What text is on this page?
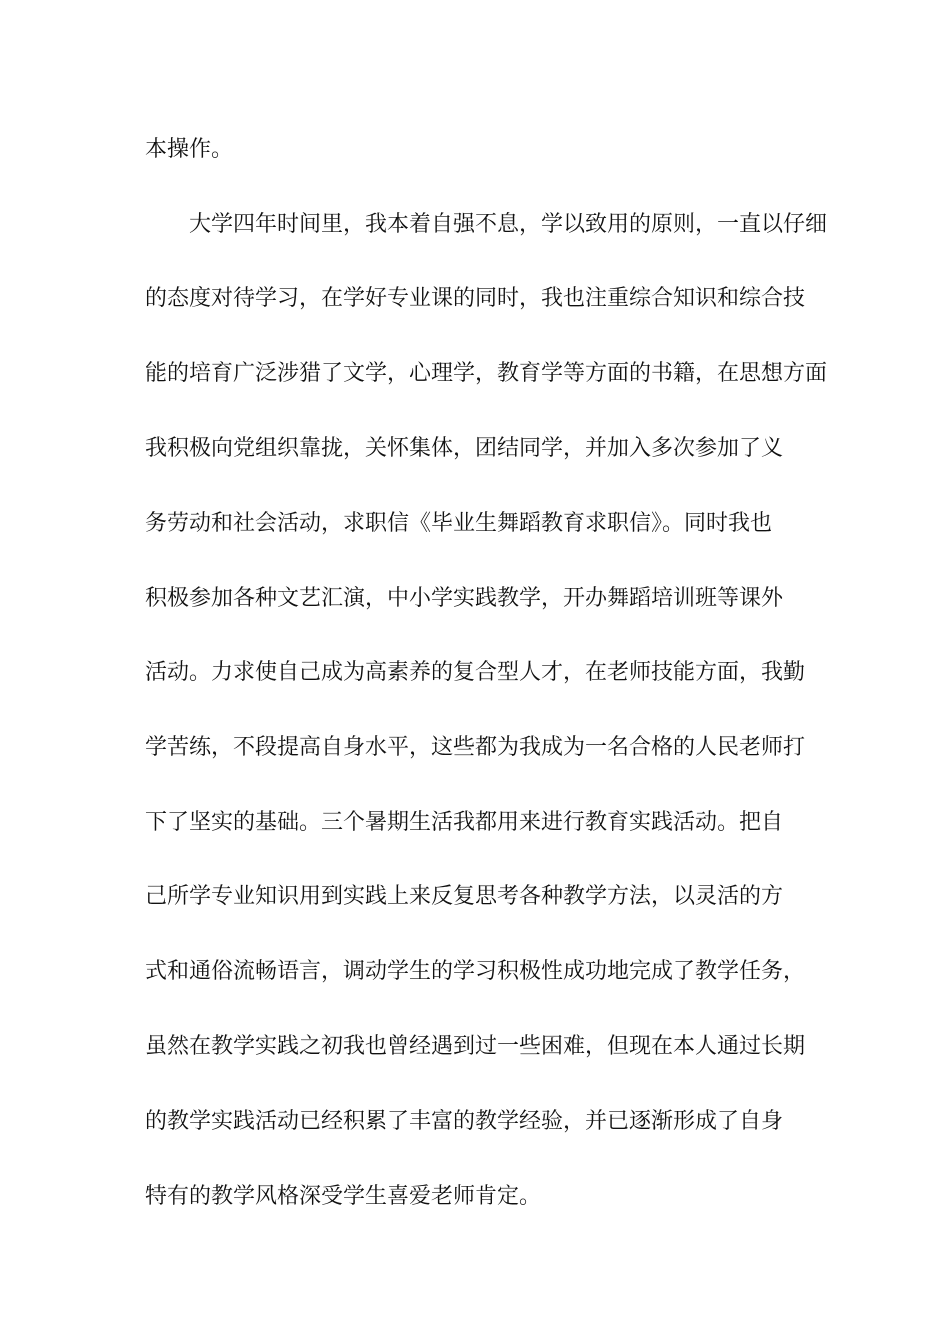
本操作。
大学四年时间里，我本着自强不息，学以致用的原则，一直以仔细
的态度对待学习，在学好专业课的同时，我也注重综合知识和综合技
能的培育广泛涉猎了文学，心理学，教育学等方面的书籍，在思想方面
我积极向党组织靠拢，关怀集体，团结同学，并加入多次参加了义
务劳动和社会活动，求职信《毕业生舞蹈教育求职信》。同时我也
积极参加各种文艺汇演，中小学实践教学，开办舞蹈培训班等课外
活动。力求使自己成为高素养的复合型人才，在老师技能方面，我勤
学苦练，不段提高自身水平，这些都为我成为一名合格的人民老师打
下了坚实的基础。三个暑期生活我都用来进行教育实践活动。把自
己所学专业知识用到实践上来反复思考各种教学方法，以灵活的方
式和通俗流畅语言，调动学生的学习积极性成功地完成了教学任务，
虽然在教学实践之初我也曾经遇到过一些困难，但现在本人通过长期
的教学实践活动已经积累了丰富的教学经验，并已逐渐形成了自身
特有的教学风格深受学生喜爱老师肯定。
